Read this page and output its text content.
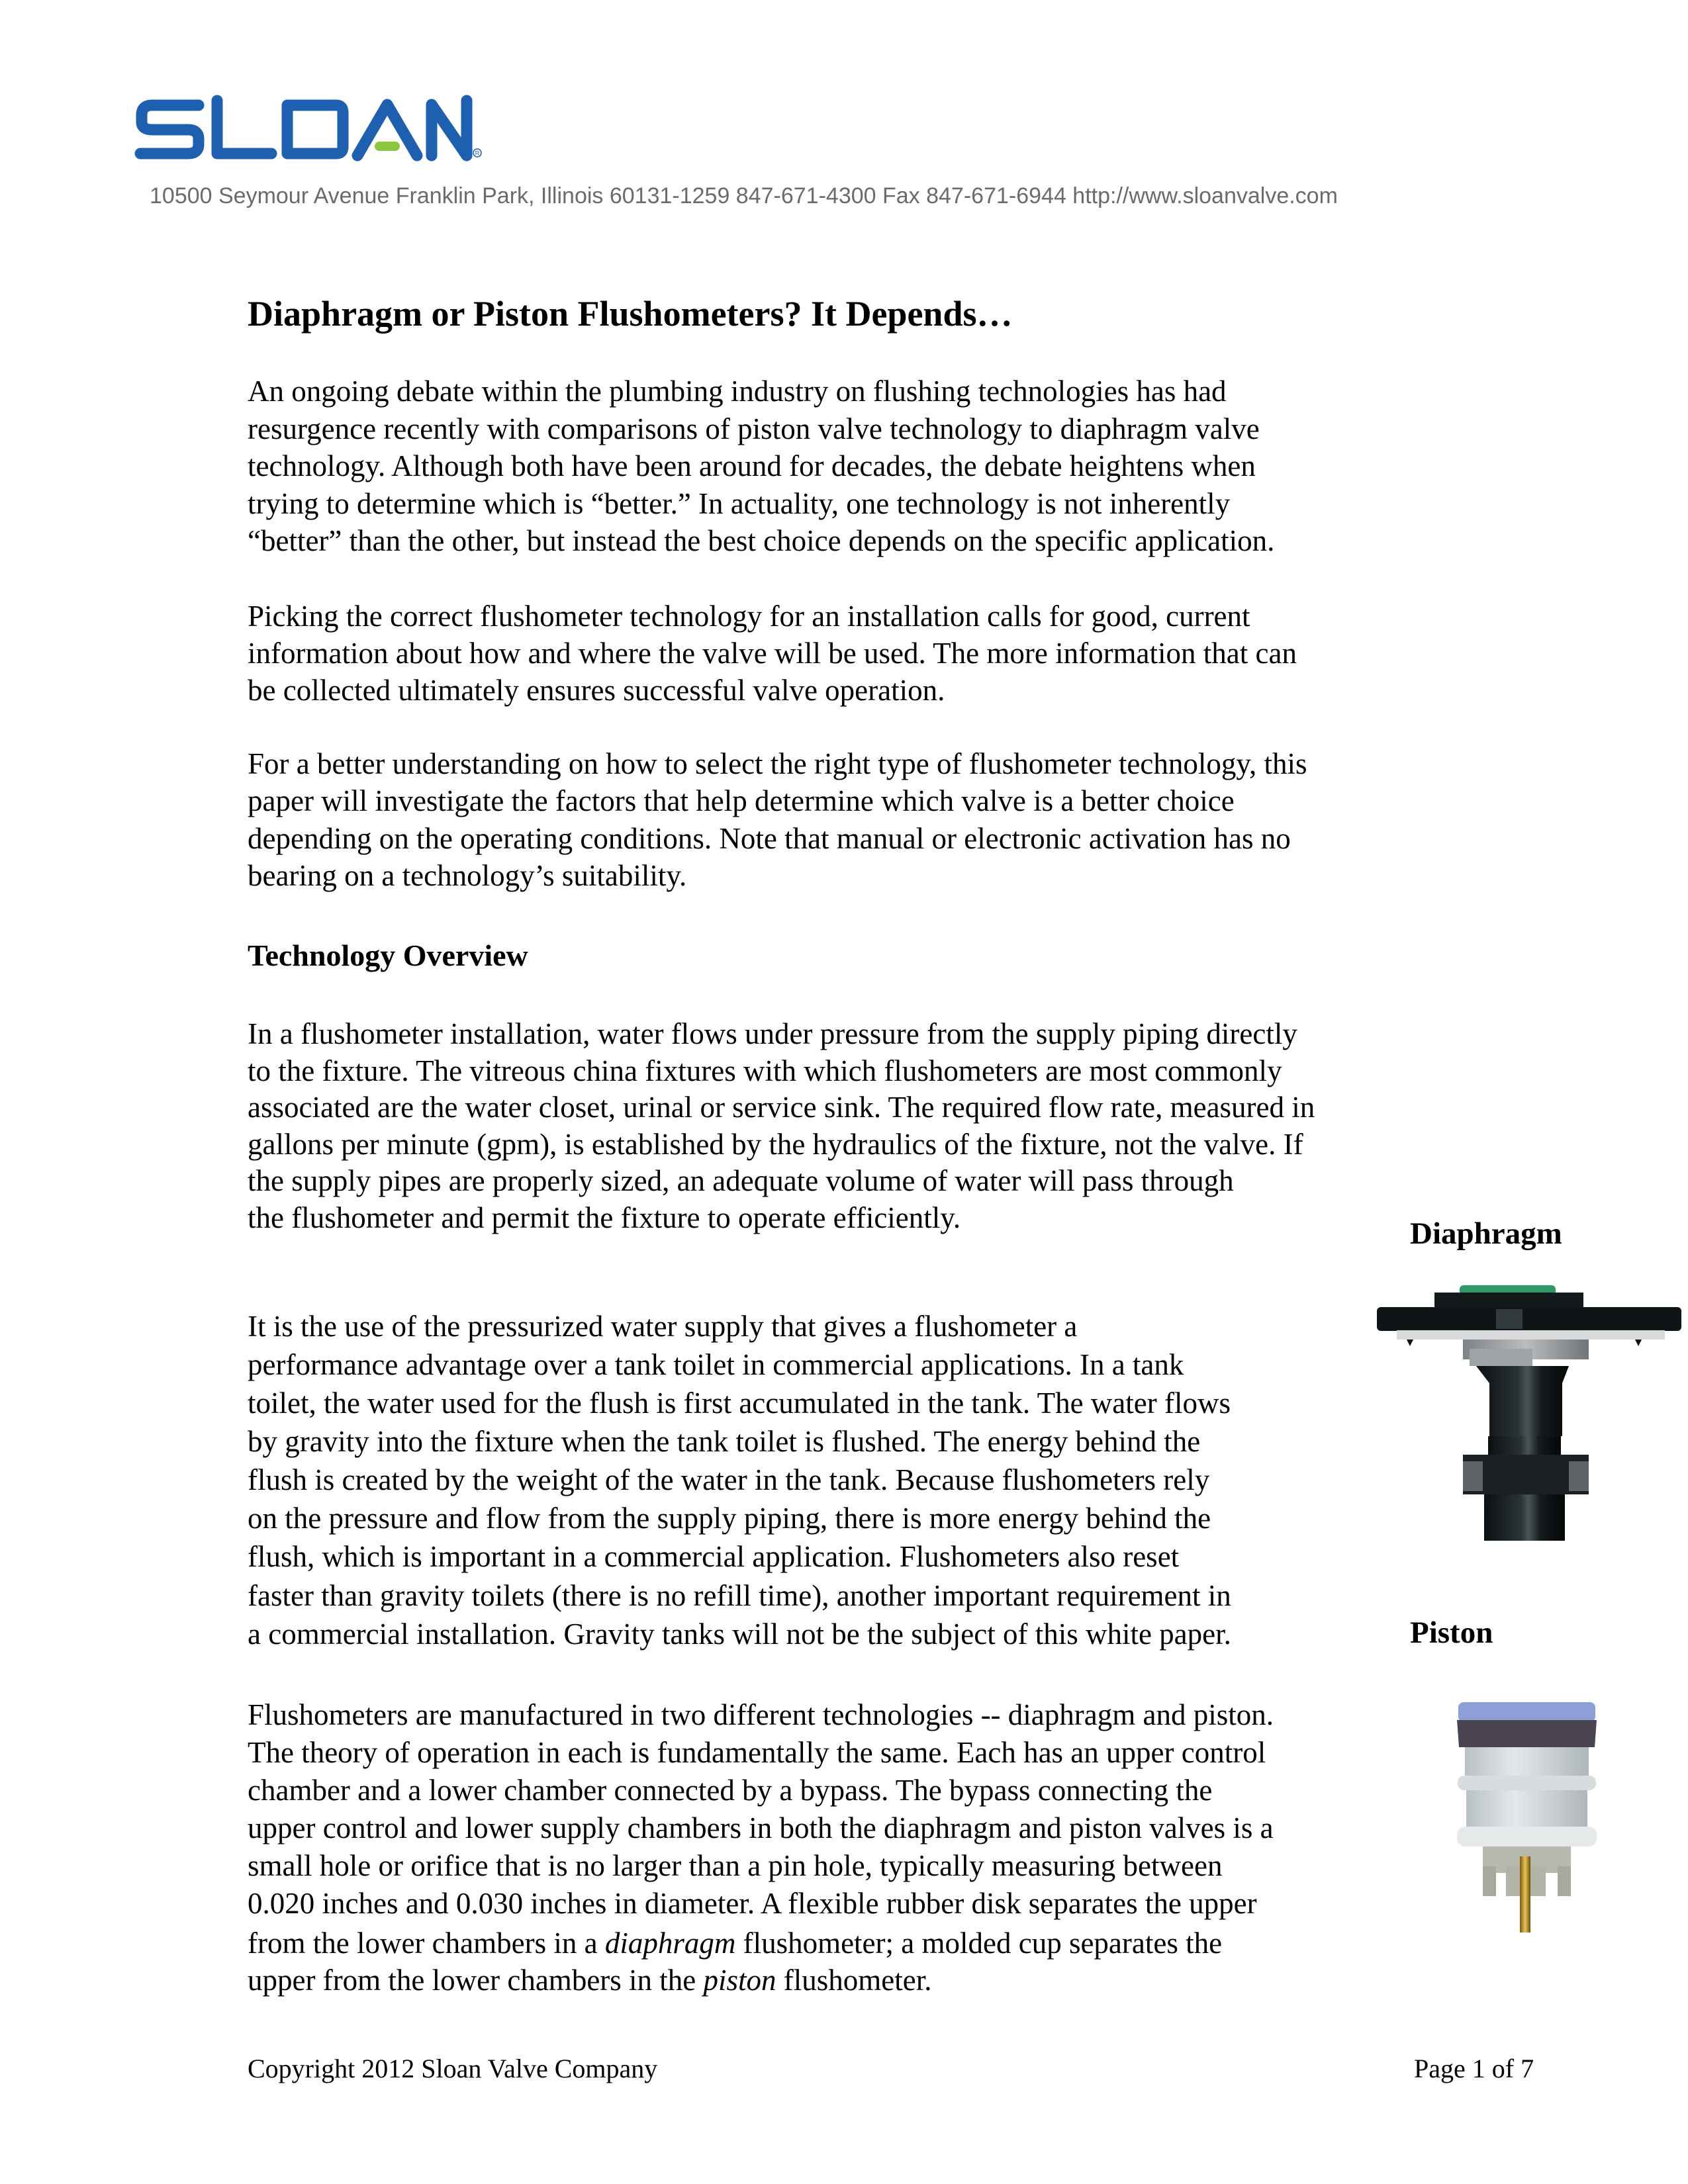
R
10500 Seymour Avenue Franklin Park, Illinois 60131-1259 847-671-4300 Fax 847-671-6944 http://www.sloanvalve.com
Diaphragm or Piston Flushometers? It Depends…
An ongoing debate within the plumbing industry on flushing technologies has had
resurgence recently with comparisons of piston valve technology to diaphragm valve
technology. Although both have been around for decades, the debate heightens when
trying to determine which is “better.” In actuality, one technology is not inherently
“better” than the other, but instead the best choice depends on the specific application.
Picking the correct flushometer technology for an installation calls for good, current
information about how and where the valve will be used. The more information that can
be collected ultimately ensures successful valve operation.
For a better understanding on how to select the right type of flushometer technology, this
paper will investigate the factors that help determine which valve is a better choice
depending on the operating conditions. Note that manual or electronic activation has no
bearing on a technology’s suitability.
Technology Overview
In a flushometer installation, water flows under pressure from the supply piping directly
to the fixture. The vitreous china fixtures with which flushometers are most commonly
associated are the water closet, urinal or service sink. The required flow rate, measured in
gallons per minute (gpm), is established by the hydraulics of the fixture, not the valve. If
the supply pipes are properly sized, an adequate volume of water will pass through
the flushometer and permit the fixture to operate efficiently.	Diaphragm
It is the use of the pressurized water supply that gives a flushometer a
performance advantage over a tank toilet in commercial applications. In a tank
toilet, the water used for the flush is first accumulated in the tank. The water flows
by gravity into the fixture when the tank toilet is flushed. The energy behind the
flush is created by the weight of the water in the tank. Because flushometers rely
on the pressure and flow from the supply piping, there is more energy behind the
flush, which is important in a commercial application. Flushometers also reset
faster than gravity toilets (there is no refill time), another important requirement in
a commercial installation. Gravity tanks will not be the subject of this white paper.	Piston
Flushometers are manufactured in two different technologies -- diaphragm and piston.
The theory of operation in each is fundamentally the same. Each has an upper control
chamber and a lower chamber connected by a bypass. The bypass connecting the
upper control and lower supply chambers in both the diaphragm and piston valves is a
small hole or orifice that is no larger than a pin hole, typically measuring between
0.020 inches and 0.030 inches in diameter. A flexible rubber disk separates the upper
from the lower chambers in a diaphragm flushometer; a molded cup separates the
upper from the lower chambers in the piston flushometer.
Copyright 2012 Sloan Valve Company	Page 1 of 7
